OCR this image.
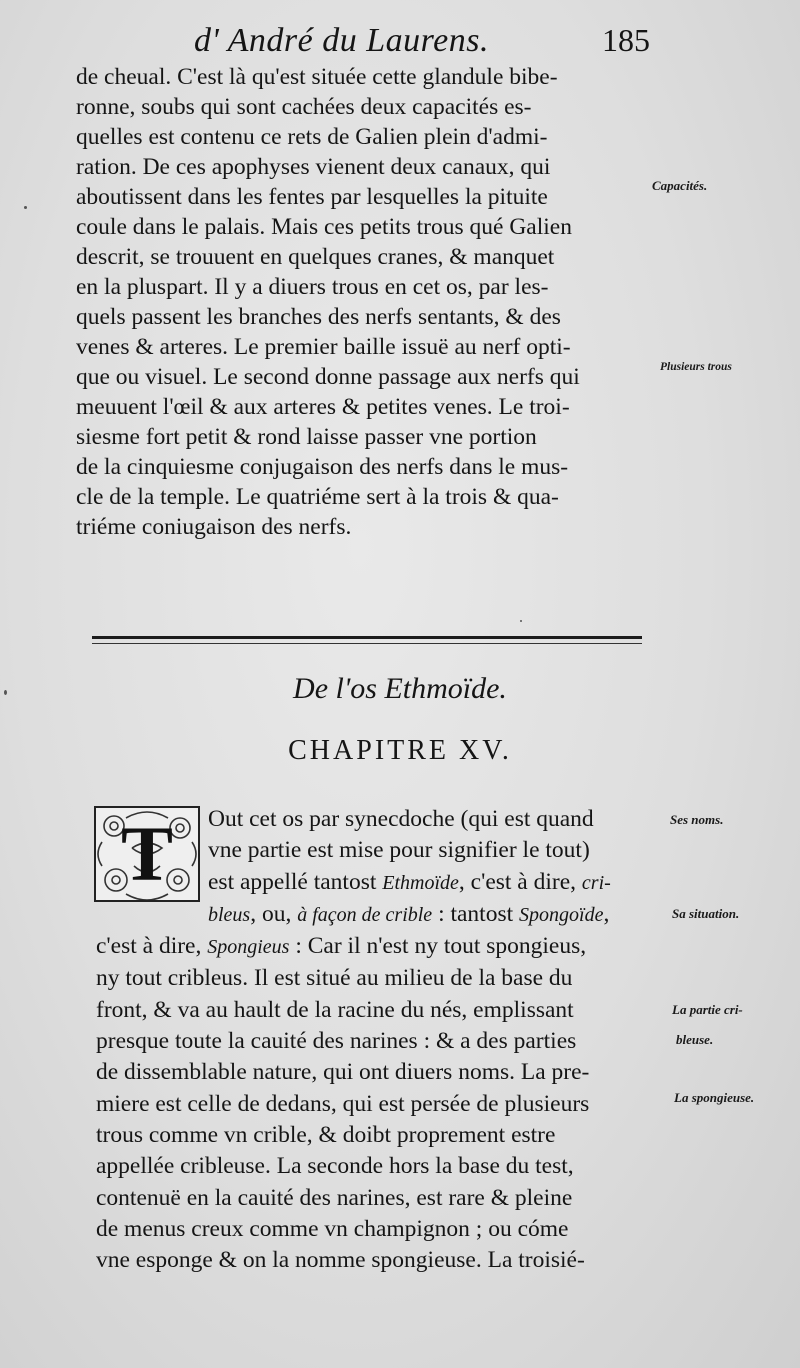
d' André du Laurens.	185
de cheual. C'est là qu'est située cette glandule bibe-
ronne, soubs qui sont cachées deux capacités es-
quelles est contenu ce rets de Galien plein d'admi-
ration. De ces apophyses vienent deux canaux, qui
aboutissent dans les fentes par lesquelles la pituite
coule dans le palais. Mais ces petits trous qué Galien
descrit, se trouuent en quelques cranes, & manquet
en la pluspart. Il y a diuers trous en cet os, par les-
quels passent les branches des nerfs sentants, & des
venes & arteres. Le premier baille issuë au nerf opti-
que ou visuel. Le second donne passage aux nerfs qui
meuuent l'œil & aux arteres & petites venes. Le troi-
siesme fort petit & rond laisse passer vne portion
de la cinquiesme conjugaison des nerfs dans le mus-
cle de la temple. Le quatriéme sert à la trois & qua-
triéme coniugaison des nerfs.
Capacités.
Plusieurs trous
De l'os Ethmoïde.
CHAPITRE XV.
T	Out cet os par synecdoche (qui est quand
vne partie est mise pour signifier le tout)
est appellé tantost Ethmoïde, c'est à dire, cri-
bleus, ou, à façon de crible : tantost Spongoïde,
c'est à dire, Spongieus : Car il n'est ny tout spongieus,
ny tout cribleus. Il est situé au milieu de la base du
front, & va au hault de la racine du nés, emplissant
presque toute la cauité des narines : & a des parties
de dissemblable nature, qui ont diuers noms. La pre-
miere est celle de dedans, qui est persée de plusieurs
trous comme vn crible, & doibt proprement estre
appellée cribleuse. La seconde hors la base du test,
contenuë en la cauité des narines, est rare & pleine
de menus creux comme vn champignon ; ou cóme
vne esponge & on la nomme spongieuse. La troisié-
Ses noms.
Sa situation.
La partie cri-
bleuse.
La spongieuse.
